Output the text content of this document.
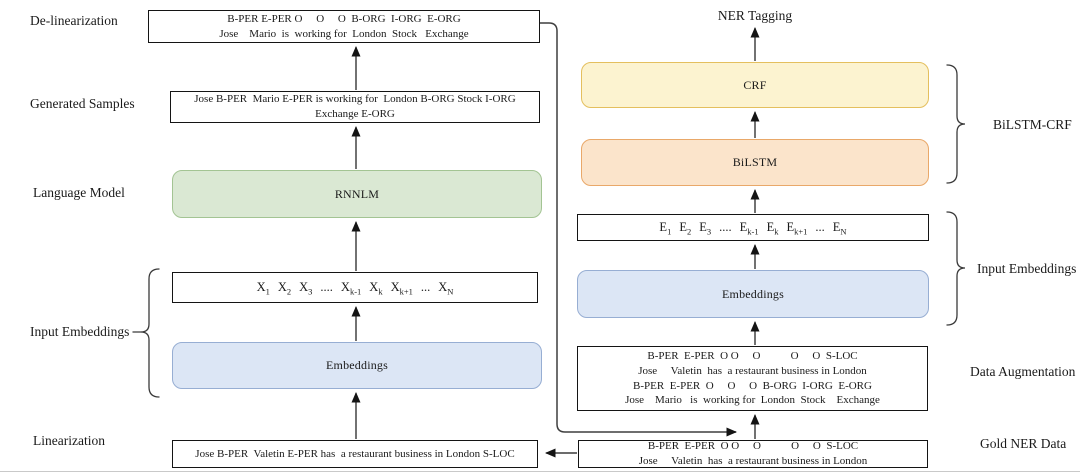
De-linearization
Generated Samples
Language Model
Input Embeddings
Linearization
B-PER E-PER O     O     O  B-ORG  I-ORG  E-ORG
Jose    Mario  is  working for  London  Stock   Exchange
Jose B-PER  Mario E-PER is working for  London B-ORG Stock I-ORG
Exchange E-ORG
RNNLM
$X_1$ $X_2$ $X_3$ .... $X_{k-1}$ $X_k$ $X_{k+1}$ ... $X_N$
Embeddings
Jose B-PER  Valetin E-PER has  a restaurant business in London S-LOC
NER Tagging
CRF
BiLSTM
$E_1$ $E_2$ $E_3$ .... $E_{k-1}$ $E_k$ $E_{k+1}$ ... $E_N$
Embeddings
B-PER  E-PER  O O     O           O     O  S-LOC
Jose     Valetin  has  a restaurant business in London
B-PER  E-PER  O     O     O  B-ORG  I-ORG  E-ORG
Jose    Mario   is  working for  London  Stock    Exchange
B-PER  E-PER  O O     O           O     O  S-LOC
Jose     Valetin  has  a restaurant business in London
BiLSTM-CRF
Input Embeddings
Data Augmentation
Gold NER Data
